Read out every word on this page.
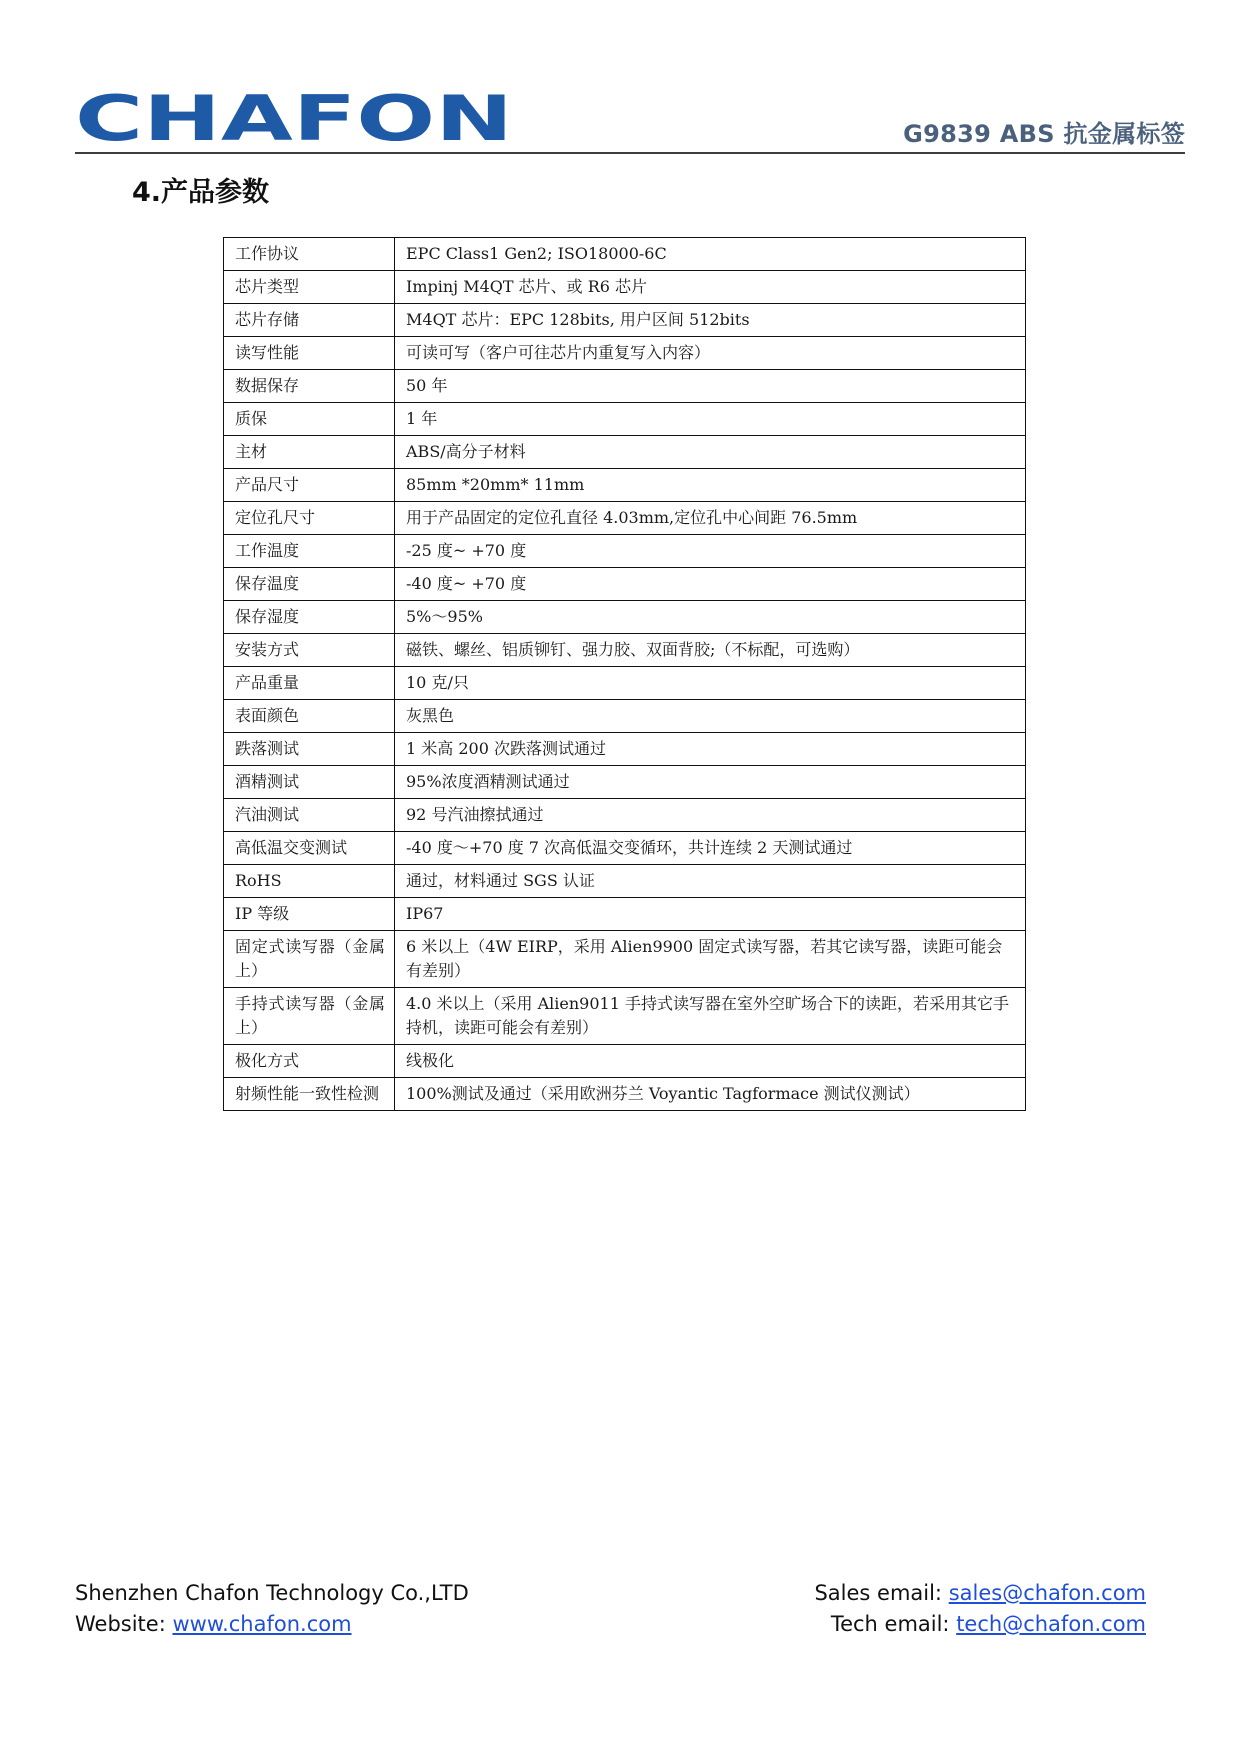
CHAFON	G9839 ABS 抗金属标签
4.产品参数
工作协议	EPC Class1 Gen2; ISO18000-6C
芯片类型	Impinj M4QT 芯片、或 R6 芯片
芯片存储	M4QT 芯片：EPC 128bits, 用户区间 512bits
读写性能	可读可写（客户可往芯片内重复写入内容）
数据保存	50 年
质保	1 年
主材	ABS/高分子材料
产品尺寸	85mm *20mm* 11mm
定位孔尺寸	用于产品固定的定位孔直径 4.03mm,定位孔中心间距 76.5mm
工作温度	-25 度~ +70 度
保存温度	-40 度~ +70 度
保存湿度	5%～95%
安装方式	磁铁、螺丝、铝质铆钉、强力胶、双面背胶;（不标配，可选购）
产品重量	10 克/只
表面颜色	灰黑色
跌落测试	1 米高 200 次跌落测试通过
酒精测试	95%浓度酒精测试通过
汽油测试	92 号汽油擦拭通过
高低温交变测试	-40 度～+70 度 7 次高低温交变循环，共计连续 2 天测试通过
RoHS	通过，材料通过 SGS 认证
IP 等级	IP67
固定式读写器（金属上）	6 米以上（4W EIRP，采用 Alien9900 固定式读写器，若其它读写器，读距可能会有差别）
手持式读写器（金属上）	4.0 米以上（采用 Alien9011 手持式读写器在室外空旷场合下的读距，若采用其它手持机，读距可能会有差别）
极化方式	线极化
射频性能一致性检测	100%测试及通过（采用欧洲芬兰 Voyantic Tagformace 测试仪测试）
Shenzhen Chafon Technology Co.,LTD
Website: www.chafon.com
Sales email: sales@chafon.com
Tech email: tech@chafon.com
